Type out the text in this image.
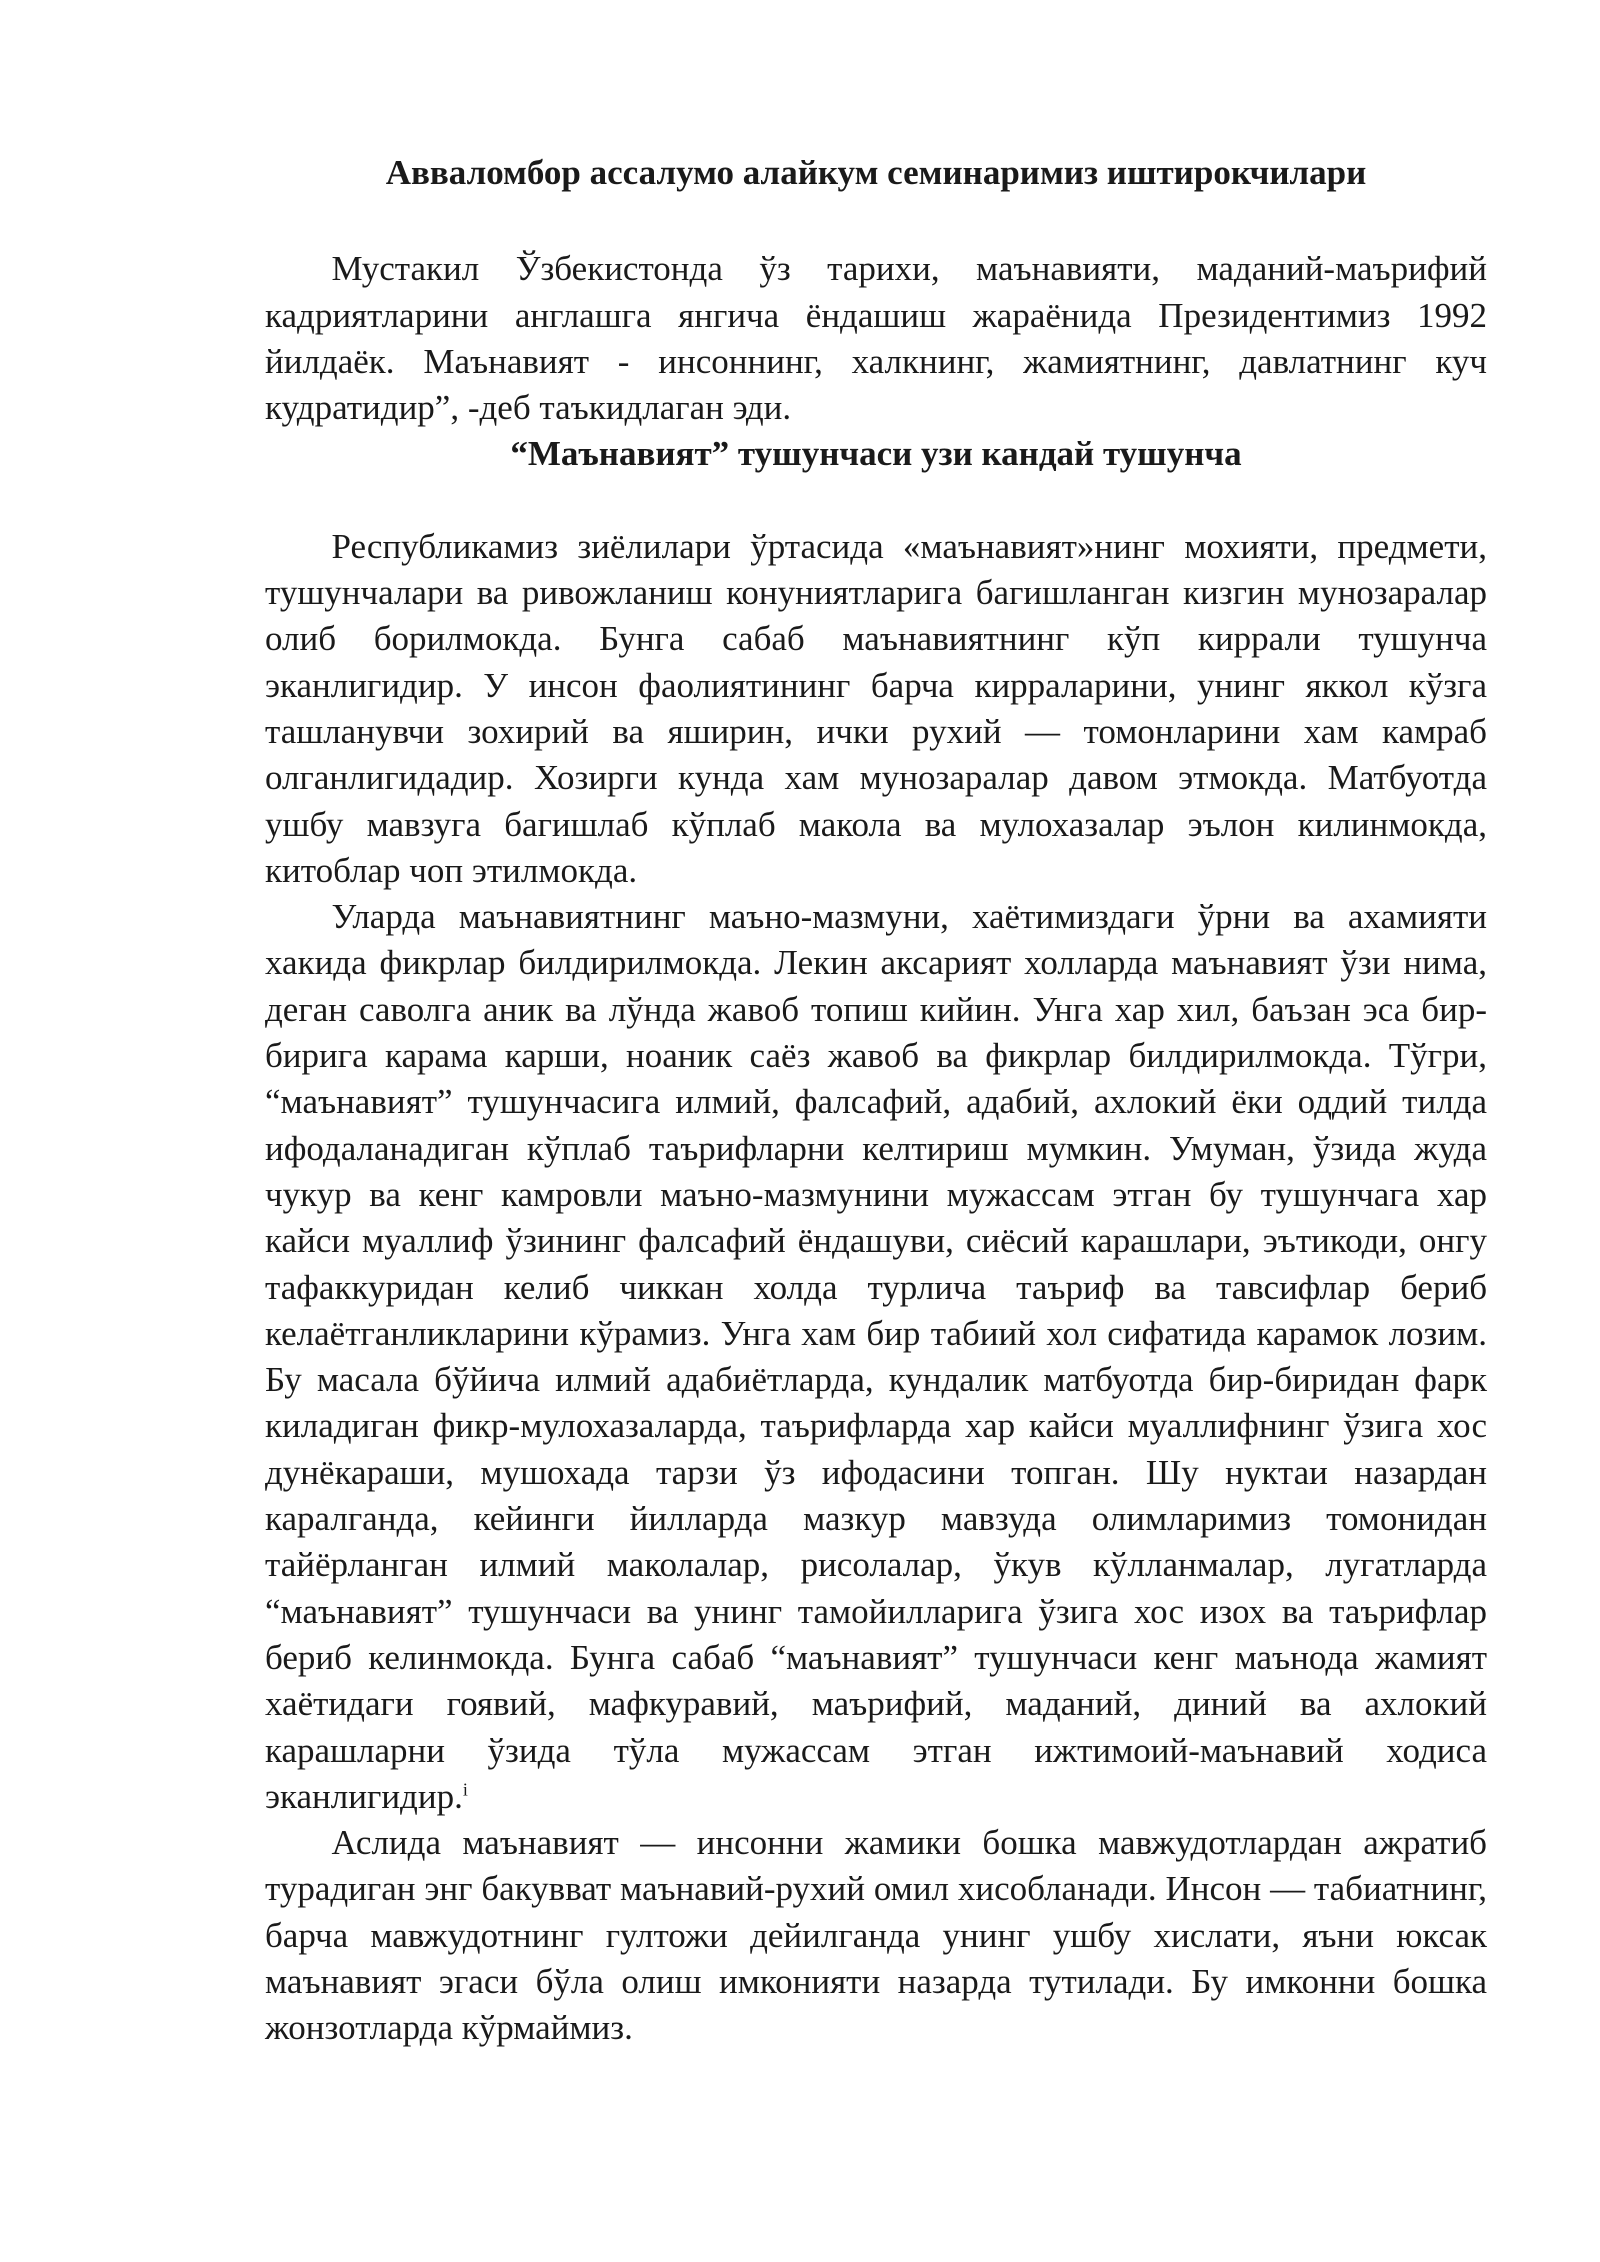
Авваломбор ассалумо алайкум семинаримиз иштирокчилари

Мустакил Ўзбекистонда ўз тарихи, маънавияти, маданий-маърифий кадриятларини англашга янгича ёндашиш жараёнида Президентимиз 1992 йилдаёк. Маънавият - инсоннинг, халкнинг, жамиятнинг, давлатнинг куч кудратидир”, -деб таъкидлаган эди.

“Маънавият” тушунчаси узи кандай тушунча

Республикамиз зиёлилари ўртасида «маънавият»нинг мохияти, предмети, тушунчалари ва ривожланиш конуниятларига багишланган кизгин мунозаралар олиб борилмокда. Бунга сабаб маънавиятнинг кўп киррали тушунча эканлигидир. У инсон фаолиятининг барча кирраларини, унинг яккол кўзга ташланувчи зохирий ва яширин, ички рухий — томонларини хам камраб олганлигидадир. Хозирги кунда хам мунозаралар давом этмокда. Матбуотда ушбу мавзуга багишлаб кўплаб макола ва мулохазалар эълон килинмокда, китоблар чоп этилмокда.

Уларда маънавиятнинг маъно-мазмуни, хаётимиздаги ўрни ва ахамияти хакида фикрлар билдирилмокда. Лекин аксарият холларда маънавият ўзи нима, деган саволга аник ва лўнда жавоб топиш кийин. Унга хар хил, баъзан эса бир-бирига карама карши, ноаник саёз жавоб ва фикрлар билдирилмокда. Тўгри, “маънавият” тушунчасига илмий, фалсафий, адабий, ахлокий ёки оддий тилда ифодаланадиган кўплаб таърифларни келтириш мумкин. Умуман, ўзида жуда чукур ва кенг камровли маъно-мазмунини мужассам этган бу тушунчага хар кайси муаллиф ўзининг фалсафий ёндашуви, сиёсий карашлари, эътикоди, онгу тафаккуридан келиб чиккан холда турлича таъриф ва тавсифлар бериб келаётганликларини кўрамиз. Унга хам бир табиий хол сифатида карамок лозим. Бу масала бўйича илмий адабиётларда, кундалик матбуотда бир-биридан фарк киладиган фикр-мулохазаларда, таърифларда хар кайси муаллифнинг ўзига хос дунёкараши, мушохада тарзи ўз ифодасини топган. Шу нуктаи назардан каралганда, кейинги йилларда мазкур мавзуда олимларимиз томонидан тайёрланган илмий маколалар, рисолалар, ўкув кўлланмалар, лугатларда “маънавият” тушунчаси ва унинг тамойилларига ўзига хос изох ва таърифлар бериб келинмокда. Бунга сабаб “маънавият” тушунчаси кенг маънода жамият хаётидаги гоявий, мафкуравий, маърифий, маданий, диний ва ахлокий карашларни ўзида тўла мужассам этган ижтимоий-маънавий ходиса эканлигидир.$^i$

Аслида маънавият — инсонни жамики бошка мавжудотлардан ажратиб турадиган энг бакувват маънавий-рухий омил хисобланади. Инсон — табиатнинг, барча мавжудотнинг гултожи дейилганда унинг ушбу хислати, яъни юксак маънавият эгаси бўла олиш имконияти назарда тутилади. Бу имконни бошка жонзотларда кўрмаймиз.
